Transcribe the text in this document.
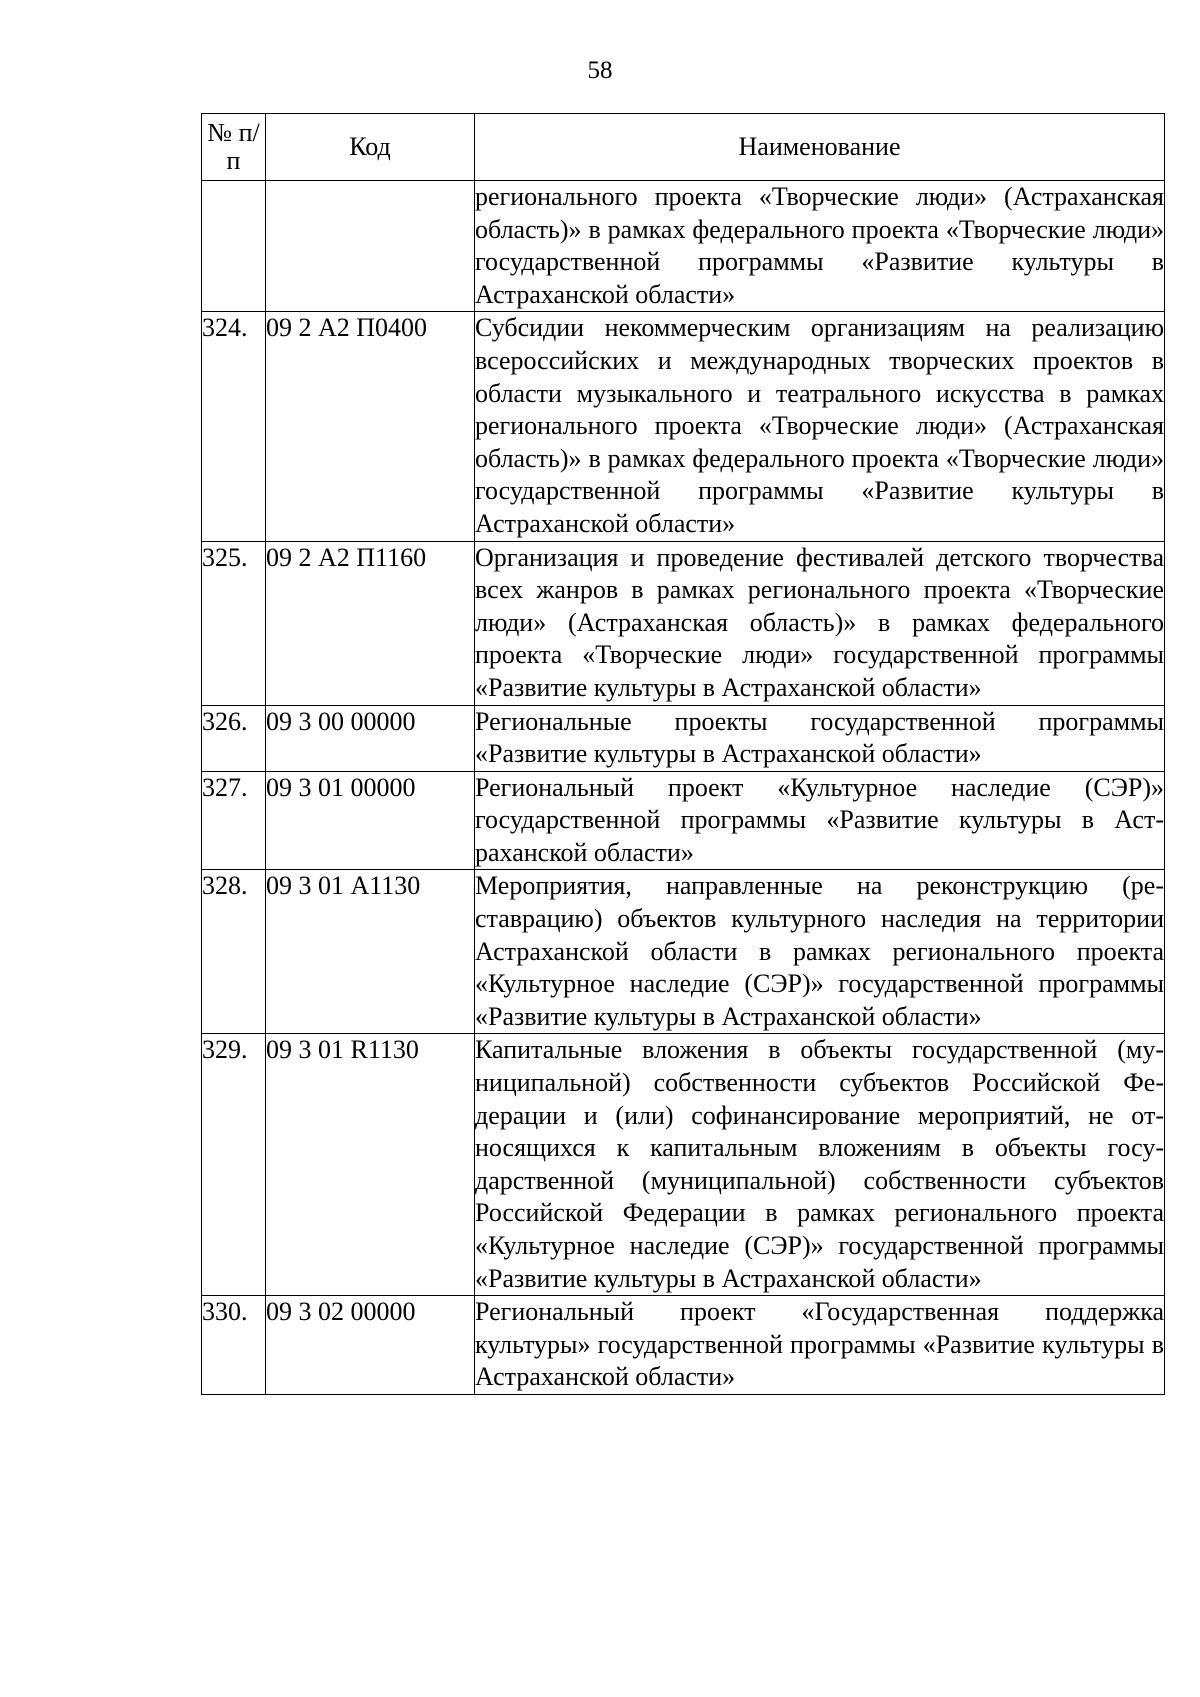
58
№ п/п	Код	Наименование
		регионального проекта «Творческие люди» (Астраханская область)» в рамках федерального проекта «Творческие люди» государственной программы «Развитие культуры в Астраханской области»
324.	09 2 А2 П0400	Субсидии некоммерческим организациям на реализацию всероссийских и международных творческих проектов в области музыкального и театрального искусства в рамках регионального проекта «Творческие люди» (Астраханская область)» в рамках федерального проекта «Творческие люди» государственной программы «Развитие культуры в Астраханской области»
325.	09 2 А2 П1160	Организация и проведение фестивалей детского творчества всех жанров в рамках регионального проекта «Творческие люди» (Астраханская область)» в рамках федерального проекта «Творческие люди» государственной программы «Развитие культуры в Астраханской области»
326.	09 3 00 00000	Региональные проекты государственной программы «Развитие культуры в Астраханской области»
327.	09 3 01 00000	Региональный проект «Культурное наследие (СЭР)» государственной программы «Развитие культуры в Астраханской области»
328.	09 3 01 А1130	Мероприятия, направленные на реконструкцию (реставрацию) объектов культурного наследия на территории Астраханской области в рамках регионального проекта «Культурное наследие (СЭР)» государственной программы «Развитие культуры в Астраханской области»
329.	09 3 01 R1130	Капитальные вложения в объекты государственной (муниципальной) собственности субъектов Российской Федерации и (или) софинансирование мероприятий, не относящихся к капитальным вложениям в объекты государственной (муниципальной) собственности субъектов Российской Федерации в рамках регионального проекта «Культурное наследие (СЭР)» государственной программы «Развитие культуры в Астраханской области»
330.	09 3 02 00000	Региональный проект «Государственная поддержка культуры» государственной программы «Развитие культуры в Астраханской области»
